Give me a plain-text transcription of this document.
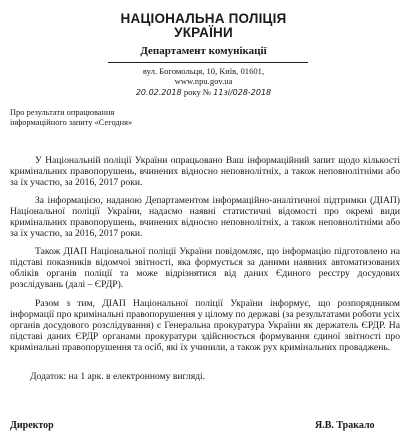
НАЦІОНАЛЬНА ПОЛІЦІЯ
УКРАЇНИ
Департамент комунікації
вул. Богомольця, 10, Київ, 01601,
www.npu.gov.ua
20.02.2018 року № 11зі/028-2018
Про результати опрацювання
інформаційного запиту «Сегодня»

У Національній поліції України опрацьовано Ваш інформаційний запит щодо кількості кримінальних правопорушень, вчинених відносно неповнолітніх, а також неповнолітніми або за їх участю, за 2016, 2017 роки.

За інформацією, наданою Департаментом інформаційно-аналітичної підтримки (ДІАП) Національної поліції України, надаємо наявні статистичні відомості про окремі види кримінальних правопорушень, вчинених відносно неповнолітніх, а також неповнолітніми або за їх участю, за 2016, 2017 роки.

Також ДІАП Національної поліції України повідомляє, що інформацію підготовлено на підставі показників відомчої звітності, яка формується за даними наявних автоматизованих обліків органів поліції та може відрізнятися від даних Єдиного реєстру досудових розслідувань (далі – ЄРДР).

Разом з тим, ДІАП Національної поліції України інформує, що розпорядником інформації про кримінальні правопорушення у цілому по державі (за результатами роботи усіх органів досудового розслідування) є Генеральна прокуратура України як держатель ЄРДР. На підставі даних ЄРДР органами прокуратури здійснюється формування єдиної звітності про кримінальні правопорушення та осіб, які їх учинили, а також рух кримінальних проваджень.

Додаток: на 1 арк. в електронному вигляді.
Директор	Я.В. Тракало
